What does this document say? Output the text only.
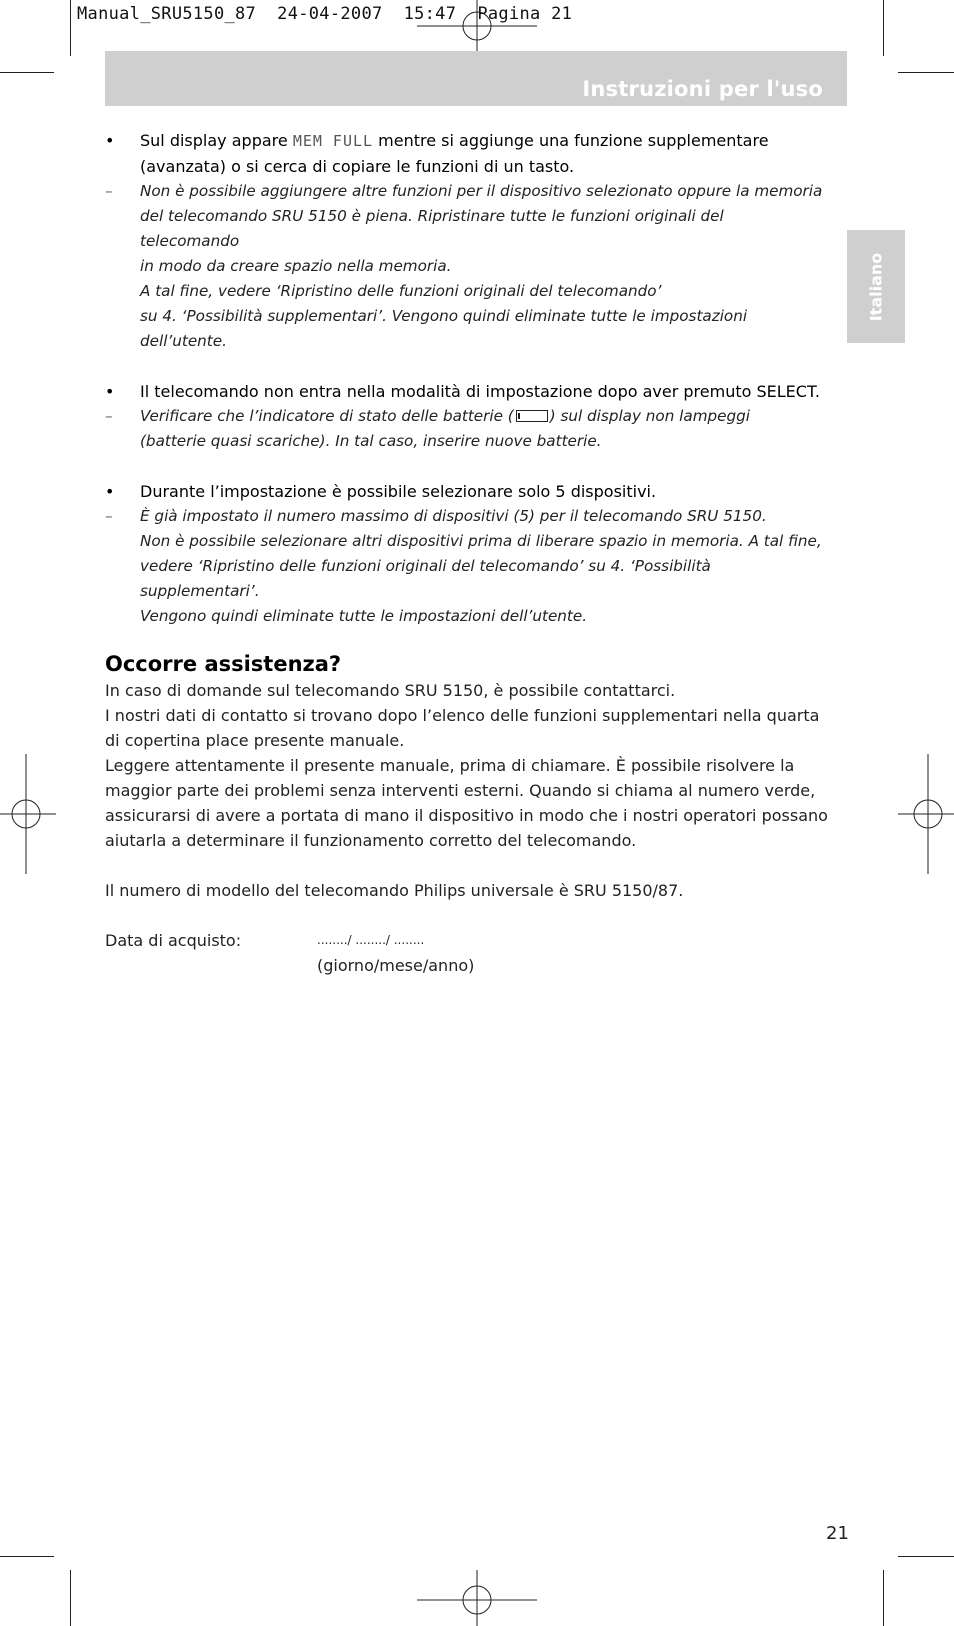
Manual_SRU5150_87  24-04-2007  15:47  Pagina 21
Instruzioni per l'uso
Italiano
• Sul display appare MEM FULL mentre si aggiunge una funzione supplementare (avanzata) o si cerca di copiare le funzioni di un tasto.
– Non è possibile aggiungere altre funzioni per il dispositivo selezionato oppure la memoria
del telecomando SRU 5150 è piena. Ripristinare tutte le funzioni originali del telecomando
in modo da creare spazio nella memoria.
A tal fine, vedere ‘Ripristino delle funzioni originali del telecomando’
su 4. ‘Possibilità supplementari’. Vengono quindi eliminate tutte le impostazioni dell’utente.
• Il telecomando non entra nella modalità di impostazione dopo aver premuto SELECT.
– Verificare che l’indicatore di stato delle batterie ( ) sul display non lampeggi
(batterie quasi scariche). In tal caso, inserire nuove batterie.
• Durante l’impostazione è possibile selezionare solo 5 dispositivi.
– È già impostato il numero massimo di dispositivi (5) per il telecomando SRU 5150.
Non è possibile selezionare altri dispositivi prima di liberare spazio in memoria. A tal fine,
vedere ‘Ripristino delle funzioni originali del telecomando’ su 4. ‘Possibilità supplementari’.
Vengono quindi eliminate tutte le impostazioni dell’utente.
Occorre assistenza?

In caso di domande sul telecomando SRU 5150, è possibile contattarci.

I nostri dati di contatto si trovano dopo l’elenco delle funzioni supplementari nella quarta

di copertina place presente manuale.

Leggere attentamente il presente manuale, prima di chiamare. È possibile risolvere la

maggior parte dei problemi senza interventi esterni. Quando si chiama al numero verde,

assicurarsi di avere a portata di mano il dispositivo in modo che i nostri operatori possano

aiutarla a determinare il funzionamento corretto del telecomando.

Il numero di modello del telecomando Philips universale è SRU 5150/87.

Data di acquisto:	......../ ......../ ........
(giorno/mese/anno)
21
